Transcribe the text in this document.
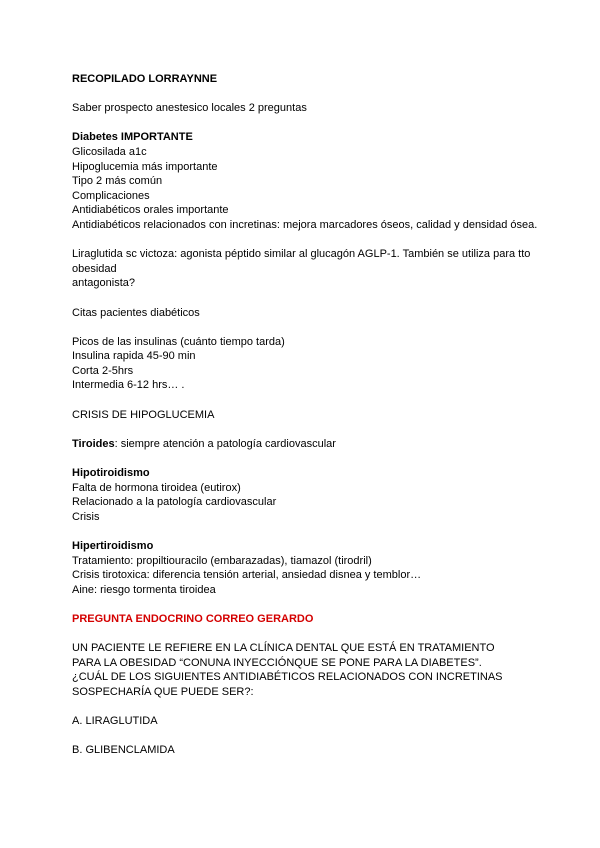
RECOPILADO LORRAYNNE
Saber prospecto anestesico locales 2 preguntas
Diabetes IMPORTANTE
Glicosilada a1c
Hipoglucemia más importante
Tipo 2 más común
Complicaciones
Antidiabéticos orales importante
Antidiabéticos relacionados con incretinas: mejora marcadores óseos, calidad y densidad ósea.
Liraglutida sc victoza: agonista péptido similar al glucagón AGLP-1. También se utiliza para tto obesidad
antagonista?
Citas pacientes diabéticos
Picos de las insulinas (cuánto tiempo tarda)
Insulina rapida 45-90 min
Corta 2-5hrs
Intermedia 6-12 hrs… .
CRISIS DE HIPOGLUCEMIA
Tiroides: siempre atención a patología cardiovascular
Hipotiroidismo
Falta de hormona tiroidea (eutirox)
Relacionado a la patología cardiovascular
Crisis
Hipertiroidismo
Tratamiento: propiltiouracilo (embarazadas), tiamazol (tirodril)
Crisis tirotoxica: diferencia tensión arterial, ansiedad disnea y temblor…
Aine: riesgo tormenta tiroidea
PREGUNTA ENDOCRINO CORREO GERARDO
UN PACIENTE LE REFIERE EN LA CLÍNICA DENTAL QUE ESTÁ EN TRATAMIENTO
PARA LA OBESIDAD “CONUNA INYECCIÓNQUE SE PONE PARA LA DIABETES”.
¿CUÁL DE LOS SIGUIENTES ANTIDIABÉTICOS RELACIONADOS CON INCRETINAS
SOSPECHARÍA QUE PUEDE SER?:
A. LIRAGLUTIDA
B. GLIBENCLAMIDA
